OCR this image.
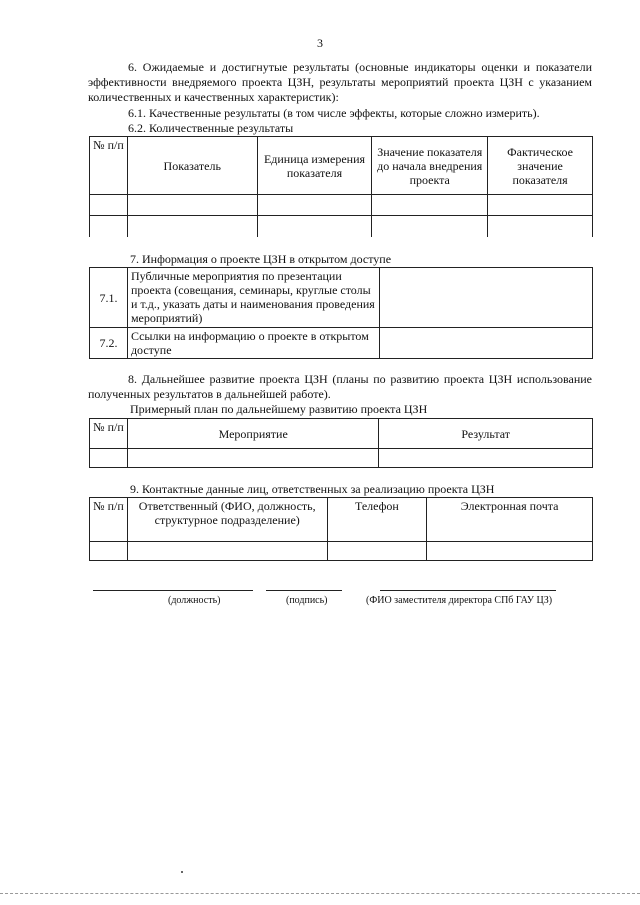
3
6. Ожидаемые и достигнутые результаты (основные индикаторы оценки и показатели эффективности внедряемого проекта ЦЗН, результаты мероприятий проекта ЦЗН с указанием количественных и качественных характеристик):
6.1. Качественные результаты (в том числе эффекты, которые сложно измерить).
6.2. Количественные результаты
№ п/п	Показатель	Единица измерения показателя	Значение показателя до начала внедрения проекта	Фактическое значение показателя

7. Информация о проекте ЦЗН в открытом доступе
7.1.	Публичные мероприятия по презентации проекта (совещания, семинары, круглые столы и т.д., указать даты и наименования проведения мероприятий)	
7.2.	Ссылки на информацию о проекте в открытом доступе	
8. Дальнейшее развитие проекта ЦЗН (планы по развитию проекта ЦЗН использование полученных результатов в дальнейшей работе).
Примерный план по дальнейшему развитию проекта ЦЗН
№ п/п	Мероприятие	Результат

9. Контактные данные лиц, ответственных за реализацию проекта ЦЗН
№ п/п	Ответственный (ФИО, должность, структурное подразделение)	Телефон	Электронная почта

(должность)	(подпись)	(ФИО заместителя директора СПб ГАУ ЦЗ)
